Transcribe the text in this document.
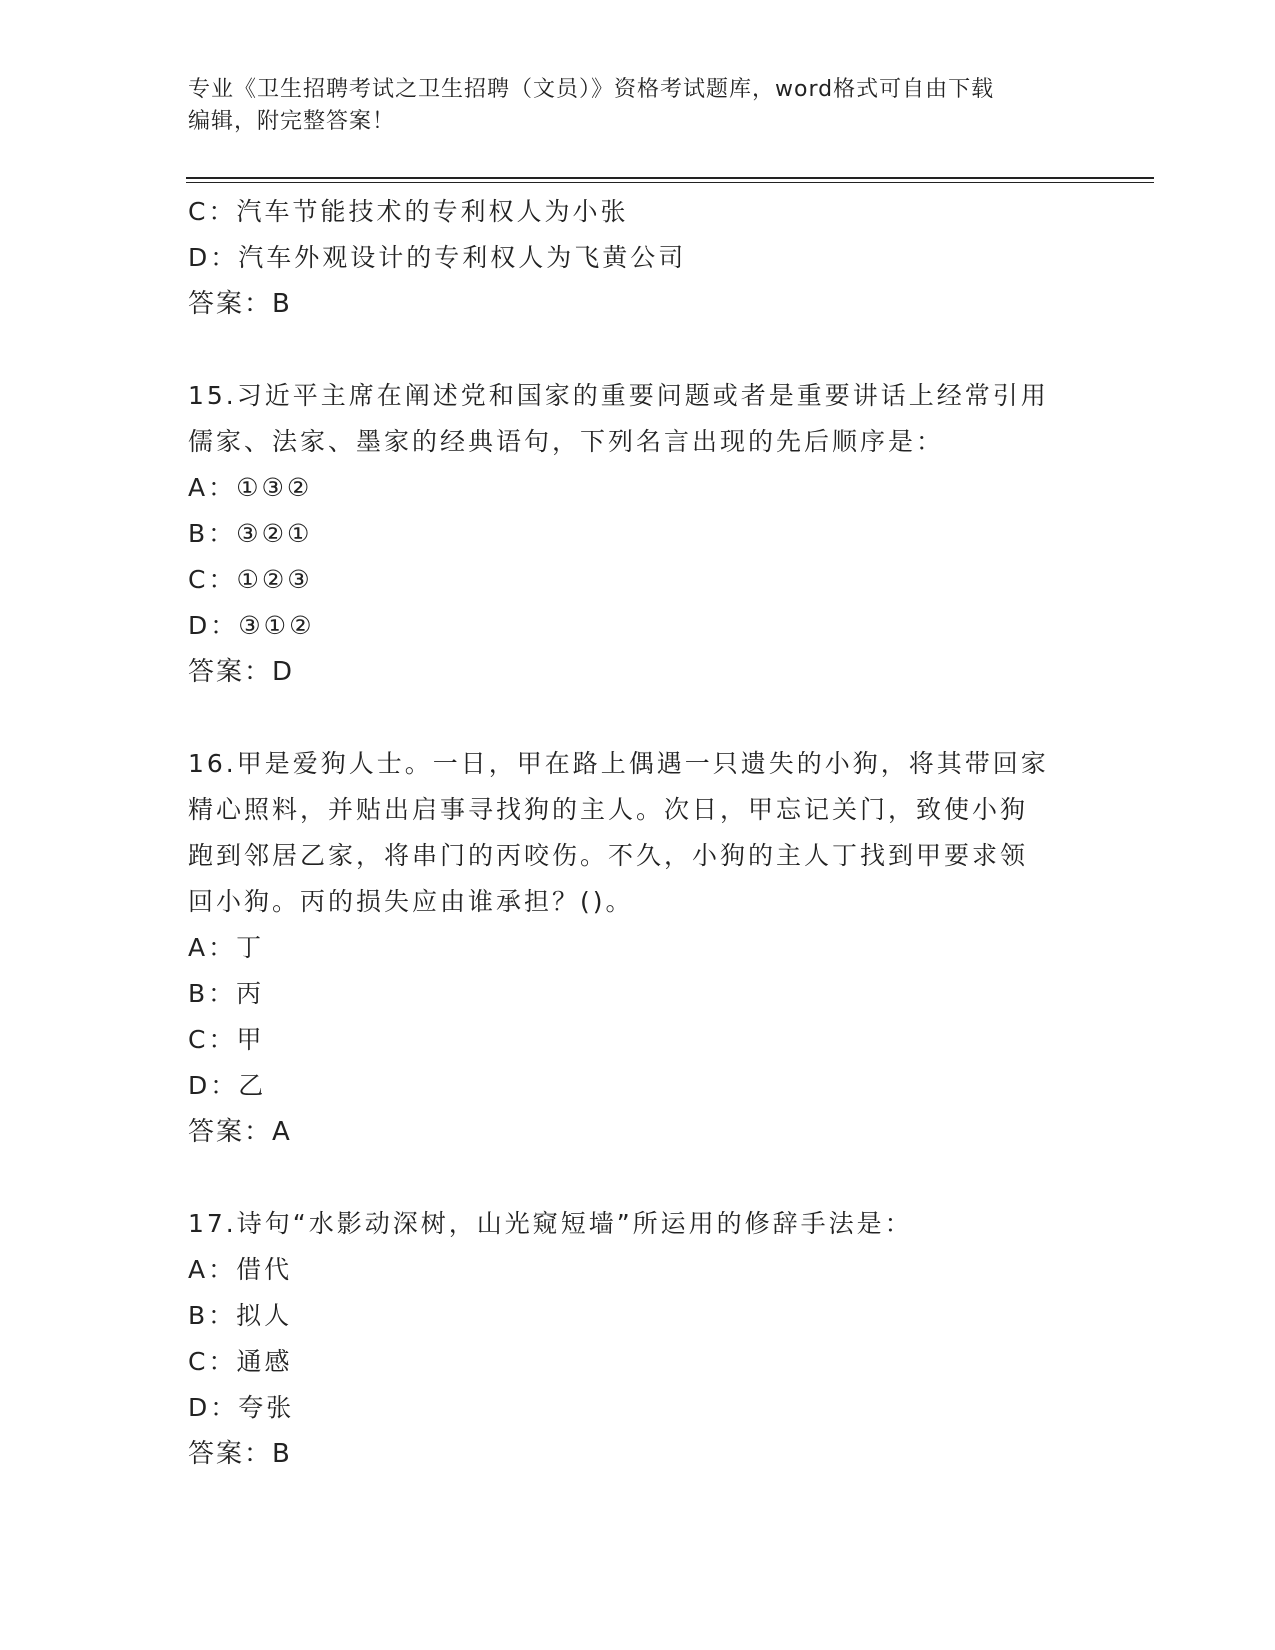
专业《卫生招聘考试之卫生招聘（文员）》资格考试题库，word格式可自由下载
编辑，附完整答案！
C：汽车节能技术的专利权人为小张
D：汽车外观设计的专利权人为飞黄公司
答案：B
15.习近平主席在阐述党和国家的重要问题或者是重要讲话上经常引用
儒家、法家、墨家的经典语句，下列名言出现的先后顺序是：
A：①③②
B：③②①
C：①②③
D：③①②
答案：D
16.甲是爱狗人士。一日，甲在路上偶遇一只遗失的小狗，将其带回家
精心照料，并贴出启事寻找狗的主人。次日，甲忘记关门，致使小狗
跑到邻居乙家，将串门的丙咬伤。不久，小狗的主人丁找到甲要求领
回小狗。丙的损失应由谁承担？()。
A：丁
B：丙
C：甲
D：乙
答案：A
17.诗句“水影动深树，山光窥短墙”所运用的修辞手法是：
A：借代
B：拟人
C：通感
D：夸张
答案：B
